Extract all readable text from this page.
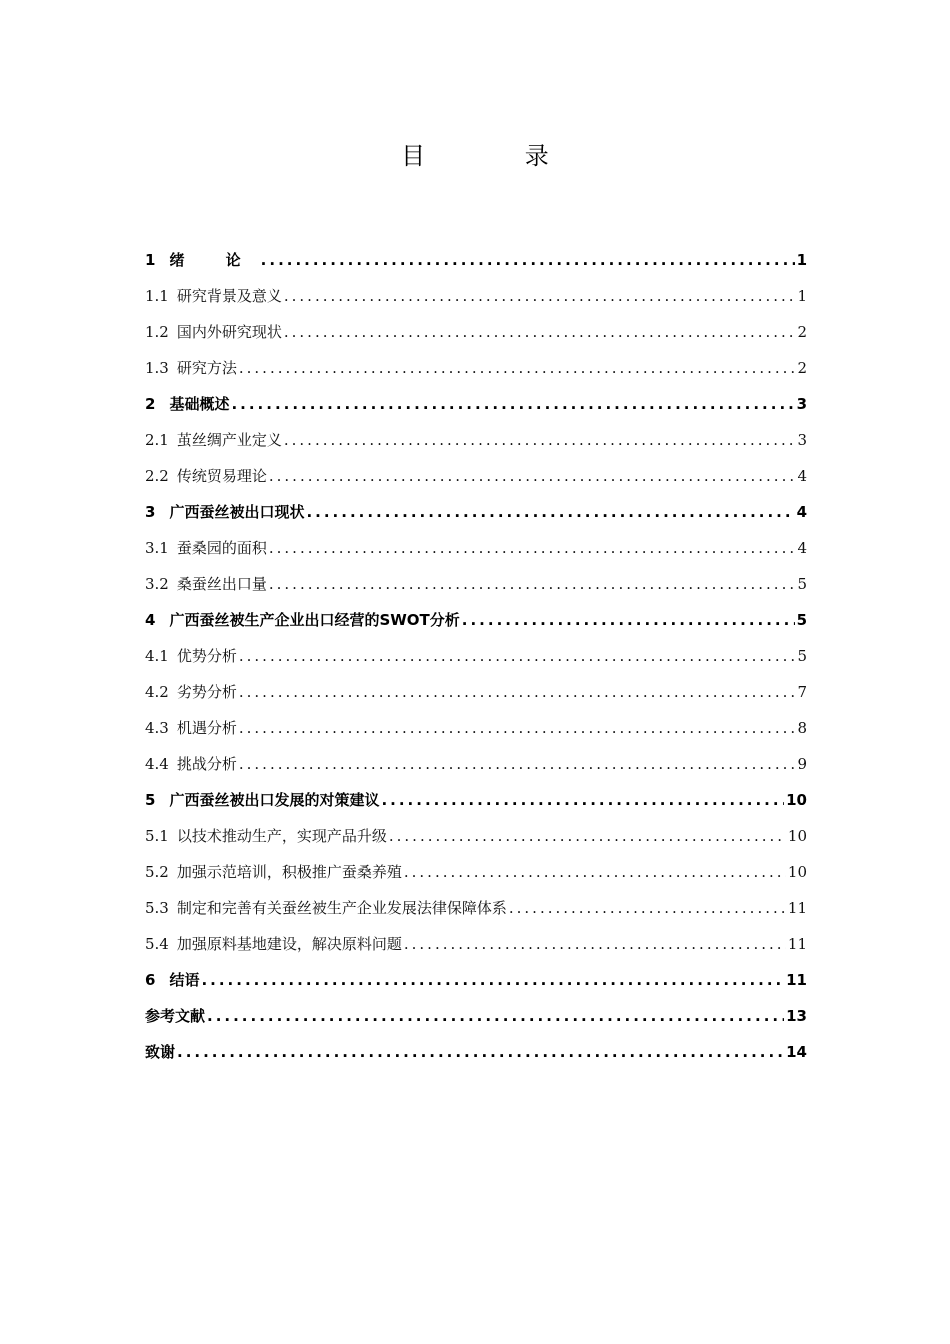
目 录
1 绪 论 .....	1
1.1 研究背景及意义 .....	1
1.2 国内外研究现状 .....	2
1.3 研究方法 .....	2
2 基础概述 .....	3
2.1 茧丝绸产业定义 .....	3
2.2 传统贸易理论 .....	4
3 广西蚕丝被出口现状 .....	4
3.1 蚕桑园的面积 .....	4
3.2 桑蚕丝出口量 .....	5
4 广西蚕丝被生产企业出口经营的SWOT分析 .....	5
4.1 优势分析 .....	5
4.2 劣势分析 .....	7
4.3 机遇分析 .....	8
4.4 挑战分析 .....	9
5 广西蚕丝被出口发展的对策建议 .....	10
5.1 以技术推动生产，实现产品升级 .....	10
5.2 加强示范培训，积极推广蚕桑养殖 .....	10
5.3 制定和完善有关蚕丝被生产企业发展法律保障体系 .....	11
5.4 加强原料基地建设，解决原料问题 .....	11
6 结语 .....	11
参考文献 .....	13
致谢 .....	14
